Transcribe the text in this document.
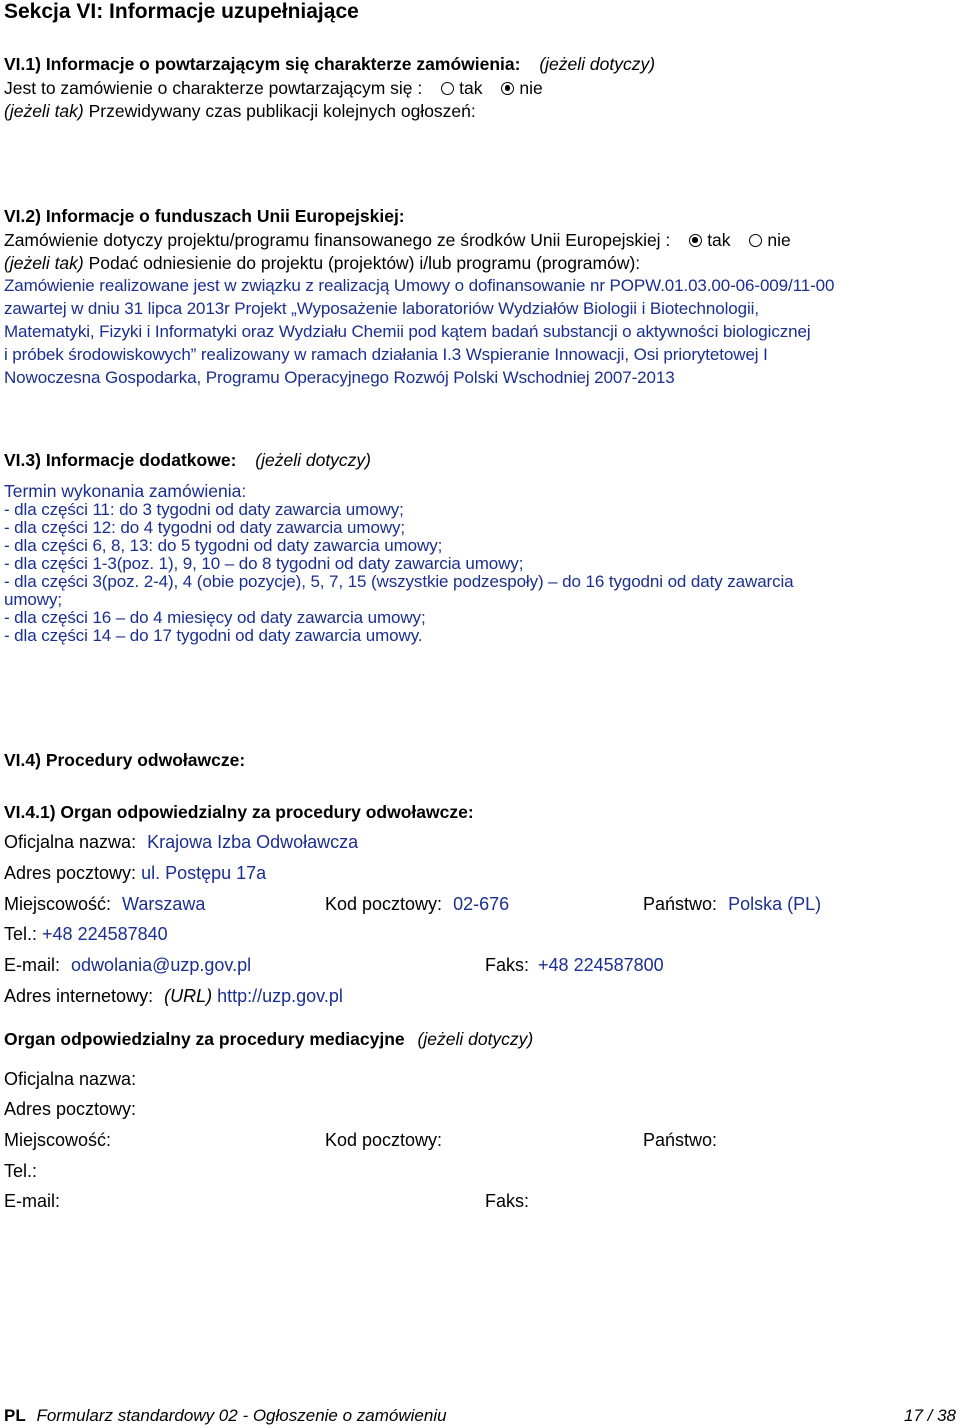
Sekcja VI: Informacje uzupełniające
VI.1) Informacje o powtarzającym się charakterze zamówienia: (jeżeli dotyczy)
Jest to zamówienie o charakterze powtarzającym się : tak nie
(jeżeli tak) Przewidywany czas publikacji kolejnych ogłoszeń:
VI.2) Informacje o funduszach Unii Europejskiej:
Zamówienie dotyczy projektu/programu finansowanego ze środków Unii Europejskiej : tak nie
(jeżeli tak) Podać odniesienie do projektu (projektów) i/lub programu (programów):
Zamówienie realizowane jest w związku z realizacją Umowy o dofinansowanie nr POPW.01.03.00-06-009/11-00
zawartej w dniu 31 lipca 2013r Projekt „Wyposażenie laboratoriów Wydziałów Biologii i Biotechnologii,
Matematyki, Fizyki i Informatyki oraz Wydziału Chemii pod kątem badań substancji o aktywności biologicznej
i próbek środowiskowych” realizowany w ramach działania I.3 Wspieranie Innowacji, Osi priorytetowej I
Nowoczesna Gospodarka, Programu Operacyjnego Rozwój Polski Wschodniej 2007-2013
VI.3) Informacje dodatkowe: (jeżeli dotyczy)
Termin wykonania zamówienia:
- dla części 11: do 3 tygodni od daty zawarcia umowy;
- dla części 12: do 4 tygodni od daty zawarcia umowy;
- dla części 6, 8, 13: do 5 tygodni od daty zawarcia umowy;
- dla części 1-3(poz. 1), 9, 10 – do 8 tygodni od daty zawarcia umowy;
- dla części 3(poz. 2-4), 4 (obie pozycje), 5, 7, 15 (wszystkie podzespoły) – do 16 tygodni od daty zawarcia
umowy;
- dla części 16 – do 4 miesięcy od daty zawarcia umowy;
- dla części 14 – do 17 tygodni od daty zawarcia umowy.
VI.4) Procedury odwoławcze:
VI.4.1) Organ odpowiedzialny za procedury odwoławcze:
Oficjalna nazwa: Krajowa Izba Odwoławcza
Adres pocztowy: ul. Postępu 17a
Miejscowość: Warszawa	Kod pocztowy: 02-676	Państwo: Polska (PL)
Tel.: +48 224587840
E-mail: odwolania@uzp.gov.pl	Faks: +48 224587800
Adres internetowy: (URL) http://uzp.gov.pl
Organ odpowiedzialny za procedury mediacyjne (jeżeli dotyczy)
Oficjalna nazwa:
Adres pocztowy:
Miejscowość:	Kod pocztowy:	Państwo:
Tel.:
E-mail:	Faks:
PL Formularz standardowy 02 - Ogłoszenie o zamówieniu	17 / 38
